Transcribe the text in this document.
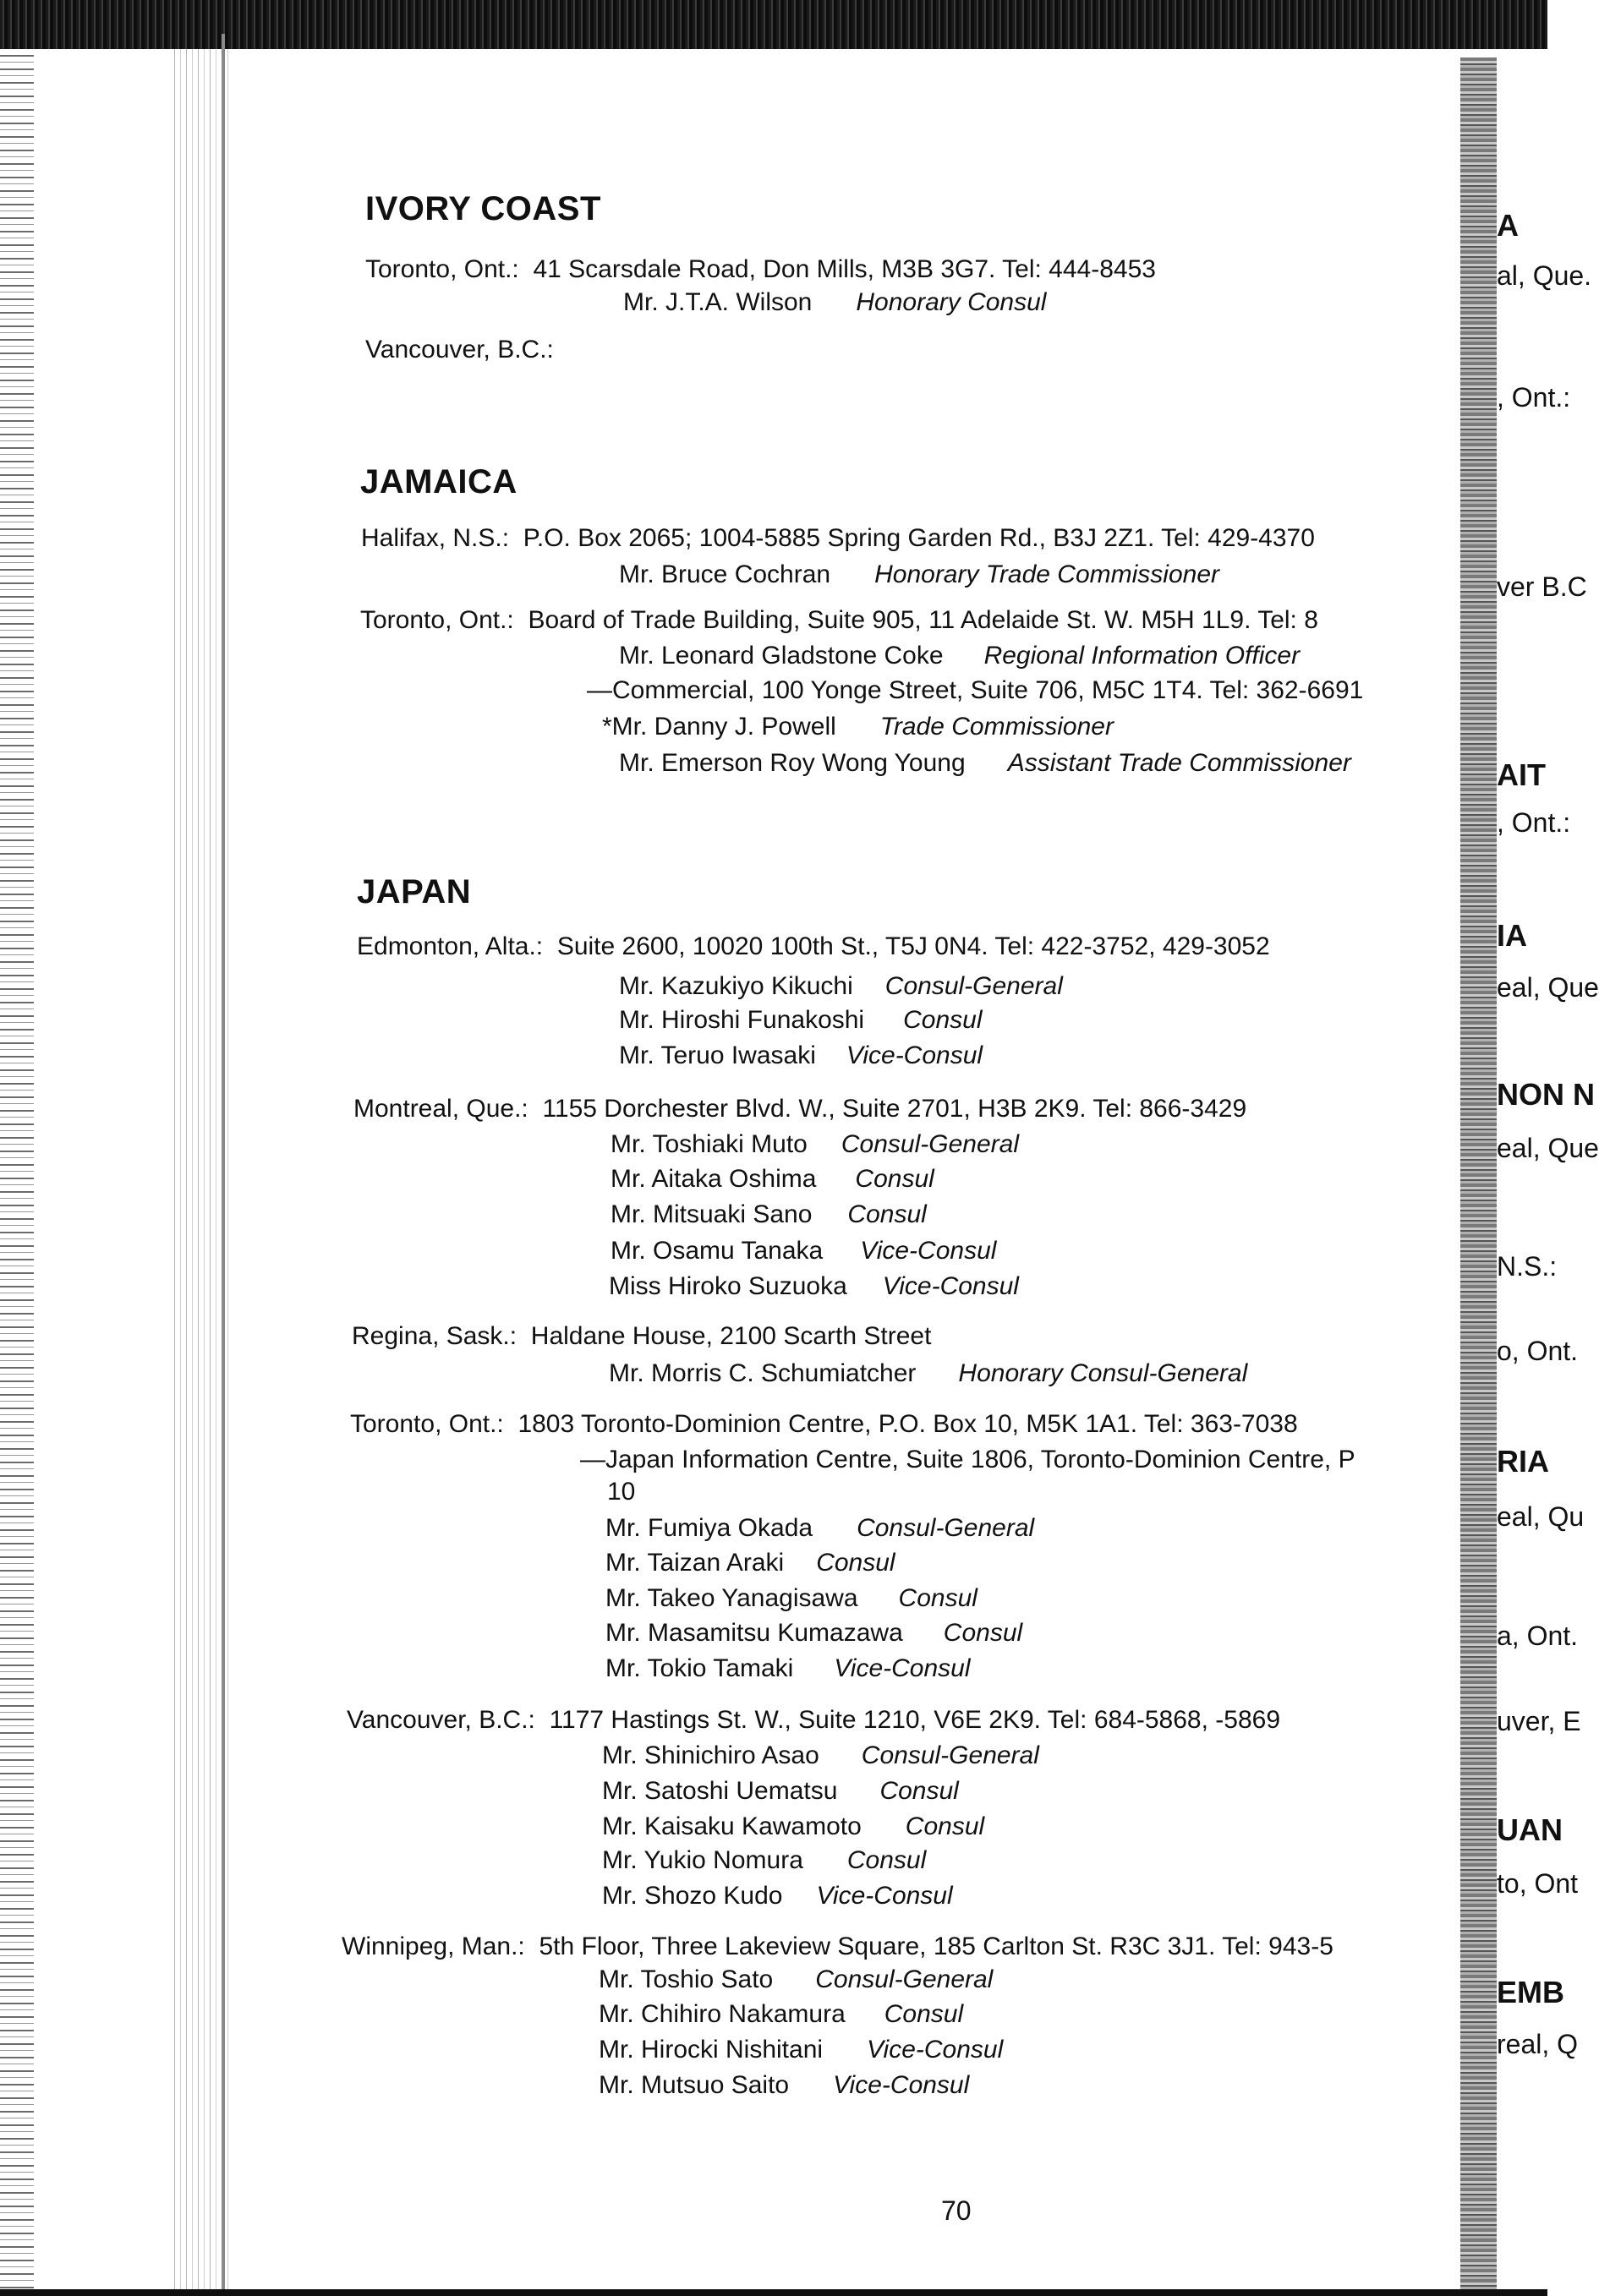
A
al, Que.
, Ont.:
ver B.C
AIT
, Ont.:
IA
eal, Que
NON N
eal, Que
N.S.:
o, Ont.
RIA
eal, Qu
a, Ont.
uver, E
UAN
to, Ont
EMB
real, Q
IVORY COAST
Toronto, Ont.: 41 Scarsdale Road, Don Mills, M3B 3G7. Tel: 444-8453
Mr. J.T.A. Wilson Honorary Consul
Vancouver, B.C.:
JAMAICA
Halifax, N.S.: P.O. Box 2065; 1004-5885 Spring Garden Rd., B3J 2Z1. Tel: 429-4370
Mr. Bruce Cochran Honorary Trade Commissioner
Toronto, Ont.: Board of Trade Building, Suite 905, 11 Adelaide St. W. M5H 1L9. Tel: 8
Mr. Leonard Gladstone Coke Regional Information Officer
—Commercial, 100 Yonge Street, Suite 706, M5C 1T4. Tel: 362-6691
*Mr. Danny J. Powell Trade Commissioner
Mr. Emerson Roy Wong Young Assistant Trade Commissioner
JAPAN
Edmonton, Alta.: Suite 2600, 10020 100th St., T5J 0N4. Tel: 422-3752, 429-3052
Mr. Kazukiyo Kikuchi Consul-General
Mr. Hiroshi Funakoshi Consul
Mr. Teruo Iwasaki Vice-Consul
Montreal, Que.: 1155 Dorchester Blvd. W., Suite 2701, H3B 2K9. Tel: 866-3429
Mr. Toshiaki Muto Consul-General
Mr. Aitaka Oshima Consul
Mr. Mitsuaki Sano Consul
Mr. Osamu Tanaka Vice-Consul
Miss Hiroko Suzuoka Vice-Consul
Regina, Sask.: Haldane House, 2100 Scarth Street
Mr. Morris C. Schumiatcher Honorary Consul-General
Toronto, Ont.: 1803 Toronto-Dominion Centre, P.O. Box 10, M5K 1A1. Tel: 363-7038
—Japan Information Centre, Suite 1806, Toronto-Dominion Centre, P
10
Mr. Fumiya Okada Consul-General
Mr. Taizan Araki Consul
Mr. Takeo Yanagisawa Consul
Mr. Masamitsu Kumazawa Consul
Mr. Tokio Tamaki Vice-Consul
Vancouver, B.C.: 1177 Hastings St. W., Suite 1210, V6E 2K9. Tel: 684-5868, -5869
Mr. Shinichiro Asao Consul-General
Mr. Satoshi Uematsu Consul
Mr. Kaisaku Kawamoto Consul
Mr. Yukio Nomura Consul
Mr. Shozo Kudo Vice-Consul
Winnipeg, Man.: 5th Floor, Three Lakeview Square, 185 Carlton St. R3C 3J1. Tel: 943-5
Mr. Toshio Sato Consul-General
Mr. Chihiro Nakamura Consul
Mr. Hirocki Nishitani Vice-Consul
Mr. Mutsuo Saito Vice-Consul
70
